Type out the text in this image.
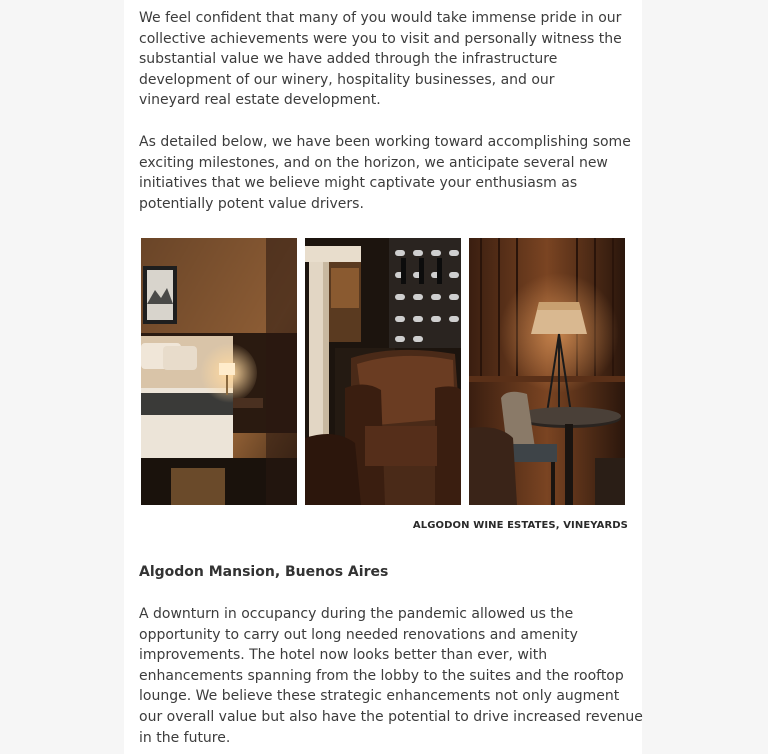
We feel confident that many of you would take immense pride in our
collective achievements were you to visit and personally witness the
substantial value we have added through the infrastructure
development of our winery, hospitality businesses, and our
vineyard real estate development.

As detailed below, we have been working toward accomplishing some
exciting milestones, and on the horizon, we anticipate several new
initiatives that we believe might captivate your enthusiasm as
potentially potent value drivers.

ALGODON WINE ESTATES, VINEYARDS

Algodon Mansion, Buenos Aires

A downturn in occupancy during the pandemic allowed us the
opportunity to carry out long needed renovations and amenity
improvements. The hotel now looks better than ever, with
enhancements spanning from the lobby to the suites and the rooftop
lounge. We believe these strategic enhancements not only augment
our overall value but also have the potential to drive increased revenue
in the future.
